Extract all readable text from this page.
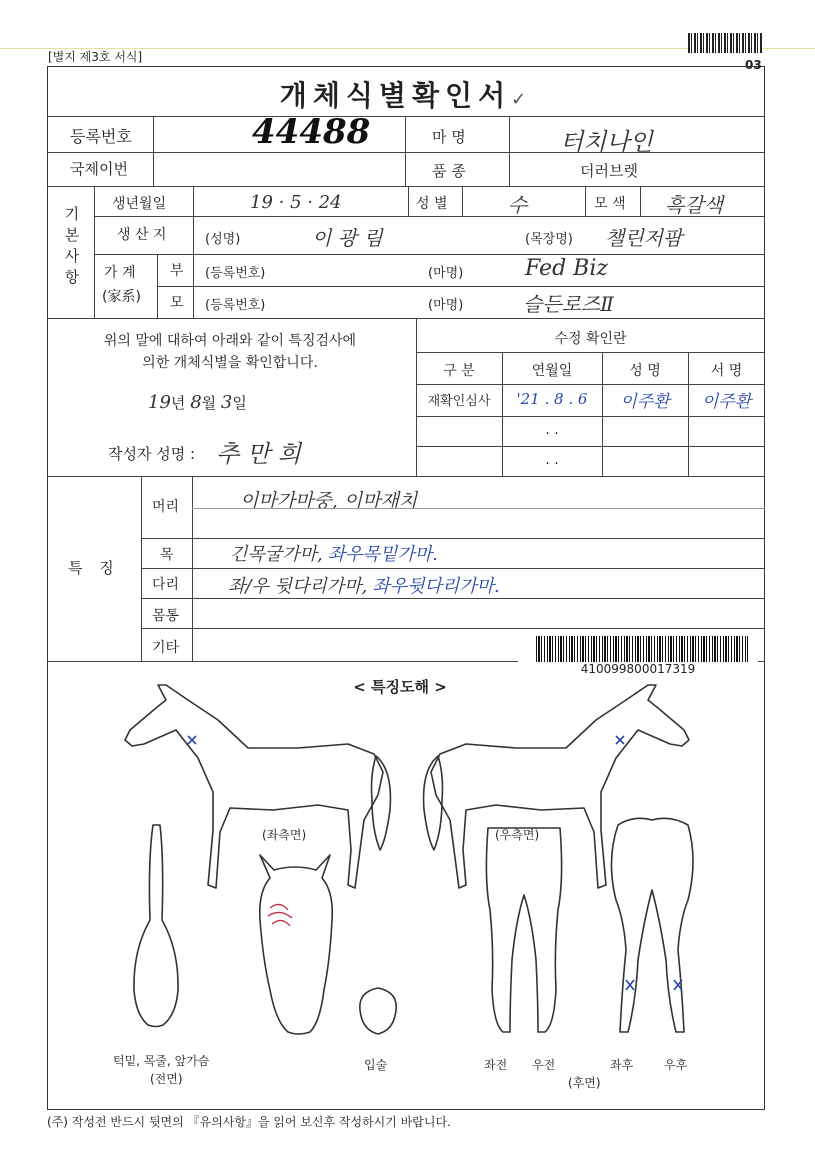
03
[별지 제3호 서식]
개체식별확인서✓
등록번호	44488	마 명	터치나인
국제이번	품 종	더러브렛
기
본
사
항
생년월일	19 · 5 · 24	성 별	수	모 색 흑갈색
생 산 지	(성명)	이 광 림	(목장명) 챌린저팜
가 계
(家系)
부 (등록번호)	(마명)	Fed Biz
모 (등록번호)	(마명)	슬든로즈Ⅱ
위의 말에 대하여 아래와 같이 특징검사에
의한 개체식별을 확인합니다.
19년 8월 3일
작성자 성명 : 추 만 희
수정 확인란
구 분	연월일	성 명	서 명
재확인심사	'21 . 8 . 6	이주환	이주환
. .
. .
특 징
머리	이마가마중, 이마재치
목	긴목굴가마, 좌우목밑가마.
다리	좌/우 뒷다리가마, 좌우뒷다리가마.
몸통
기타
410099800017319
< 특징도해 >
(좌측면)	(우측면)
턱밑, 목줄, 앞가슴
(전면)
입술	좌전 우전	좌후	우후
(후면)
(주) 작성전 반드시 뒷면의 『유의사항』을 읽어 보신후 작성하시기 바랍니다.
